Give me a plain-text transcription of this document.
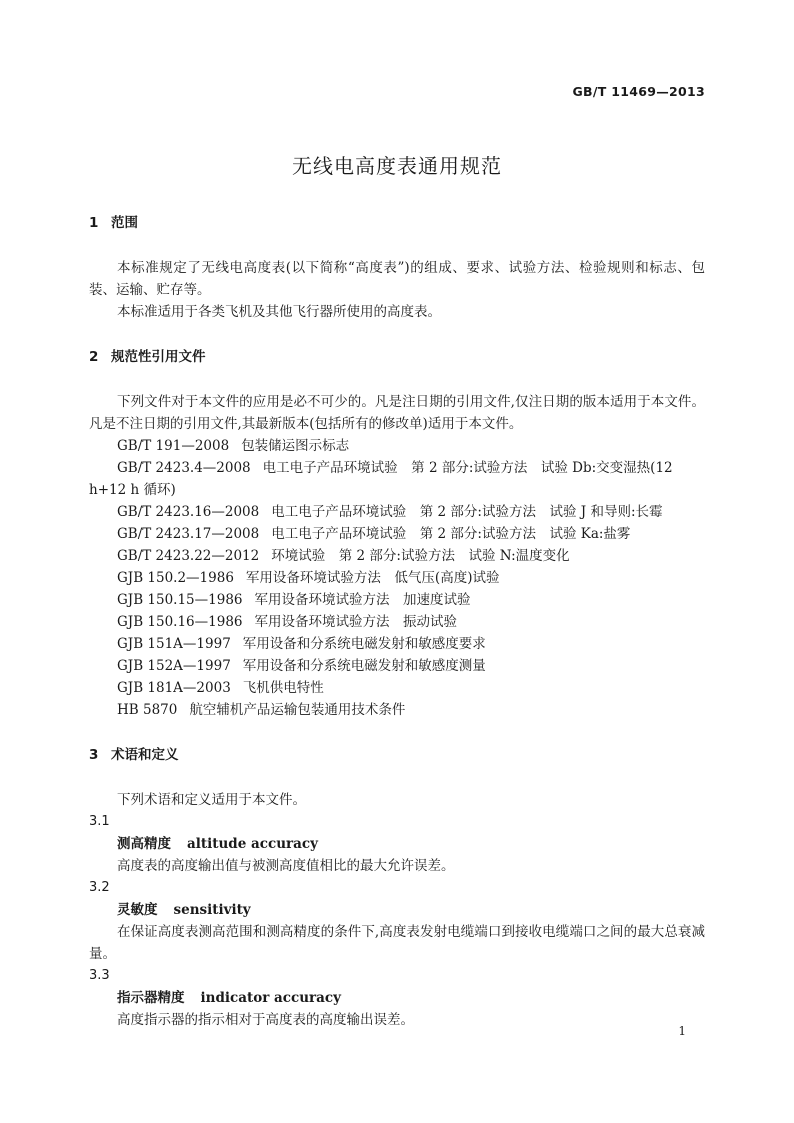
GB/T 11469—2013
无线电高度表通用规范

1 范围

本标准规定了无线电高度表(以下简称“高度表”)的组成、要求、试验方法、检验规则和标志、包装、运输、贮存等。

本标准适用于各类飞机及其他飞行器所使用的高度表。

2 规范性引用文件

下列文件对于本文件的应用是必不可少的。凡是注日期的引用文件,仅注日期的版本适用于本文件。凡是不注日期的引用文件,其最新版本(包括所有的修改单)适用于本文件。

GB/T 191—2008 包装储运图示标志

GB/T 2423.4—2008 电工电子产品环境试验　第 2 部分:试验方法　试验 Db:交变湿热(12 h+12 h 循环)

GB/T 2423.16—2008 电工电子产品环境试验　第 2 部分:试验方法　试验 J 和导则:长霉

GB/T 2423.17—2008 电工电子产品环境试验　第 2 部分:试验方法　试验 Ka:盐雾

GB/T 2423.22—2012 环境试验　第 2 部分:试验方法　试验 N:温度变化

GJB 150.2—1986 军用设备环境试验方法　低气压(高度)试验

GJB 150.15—1986 军用设备环境试验方法　加速度试验

GJB 150.16—1986 军用设备环境试验方法　振动试验

GJB 151A—1997 军用设备和分系统电磁发射和敏感度要求

GJB 152A—1997 军用设备和分系统电磁发射和敏感度测量

GJB 181A—2003 飞机供电特性

HB 5870 航空辅机产品运输包装通用技术条件

3 术语和定义

下列术语和定义适用于本文件。

3.1

测高精度 altitude accuracy

高度表的高度输出值与被测高度值相比的最大允许误差。

3.2

灵敏度 sensitivity

在保证高度表测高范围和测高精度的条件下,高度表发射电缆端口到接收电缆端口之间的最大总衰减量。

3.3

指示器精度 indicator accuracy

高度指示器的指示相对于高度表的高度输出误差。

1
